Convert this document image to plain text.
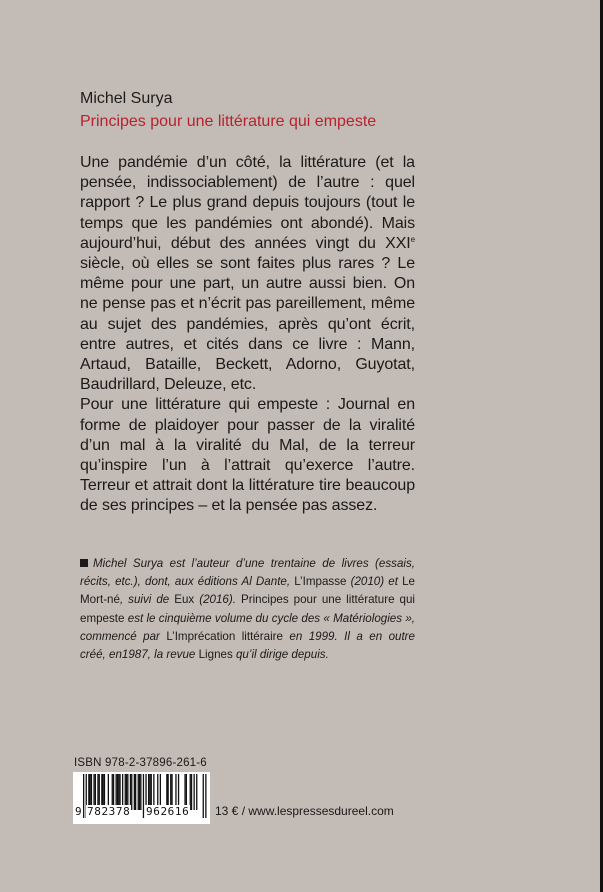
Michel Surya
Principes pour une littérature qui empeste

Une pandémie d’un côté, la littérature (et la pensée, indissociablement) de l’autre : quel rapport ? Le plus grand depuis toujours (tout le temps que les pandémies ont abondé). Mais aujourd’hui, début des années vingt du XXIe siècle, où elles se sont faites plus rares ? Le même pour une part, un autre aussi bien. On ne pense pas et n’écrit pas pareillement, même au sujet des pandémies, après qu’ont écrit, entre autres, et cités dans ce livre : Mann, Artaud, Bataille, Beckett, Adorno, Guyotat, Baudrillard, Deleuze, etc.

Pour une littérature qui empeste : Journal en forme de plaidoyer pour passer de la viralité d’un mal à la viralité du Mal, de la terreur qu’inspire l’un à l’attrait qu’exerce l’autre. Terreur et attrait dont la littérature tire beaucoup de ses principes – et la pensée pas assez.

Michel Surya est l’auteur d’une trentaine de livres (essais, récits, etc.), dont, aux éditions Al Dante, L’Impasse (2010) et Le Mort-né, suivi de Eux (2016). Principes pour une littérature qui empeste est le cinquième volume du cycle des « Matériologies », commencé par L’Imprécation littéraire en 1999. Il a en outre créé, en1987, la revue Lignes qu’il dirige depuis.
ISBN 978-2-37896-261-6
9 782378 962616 13 € / www.lespressesdureel.com
